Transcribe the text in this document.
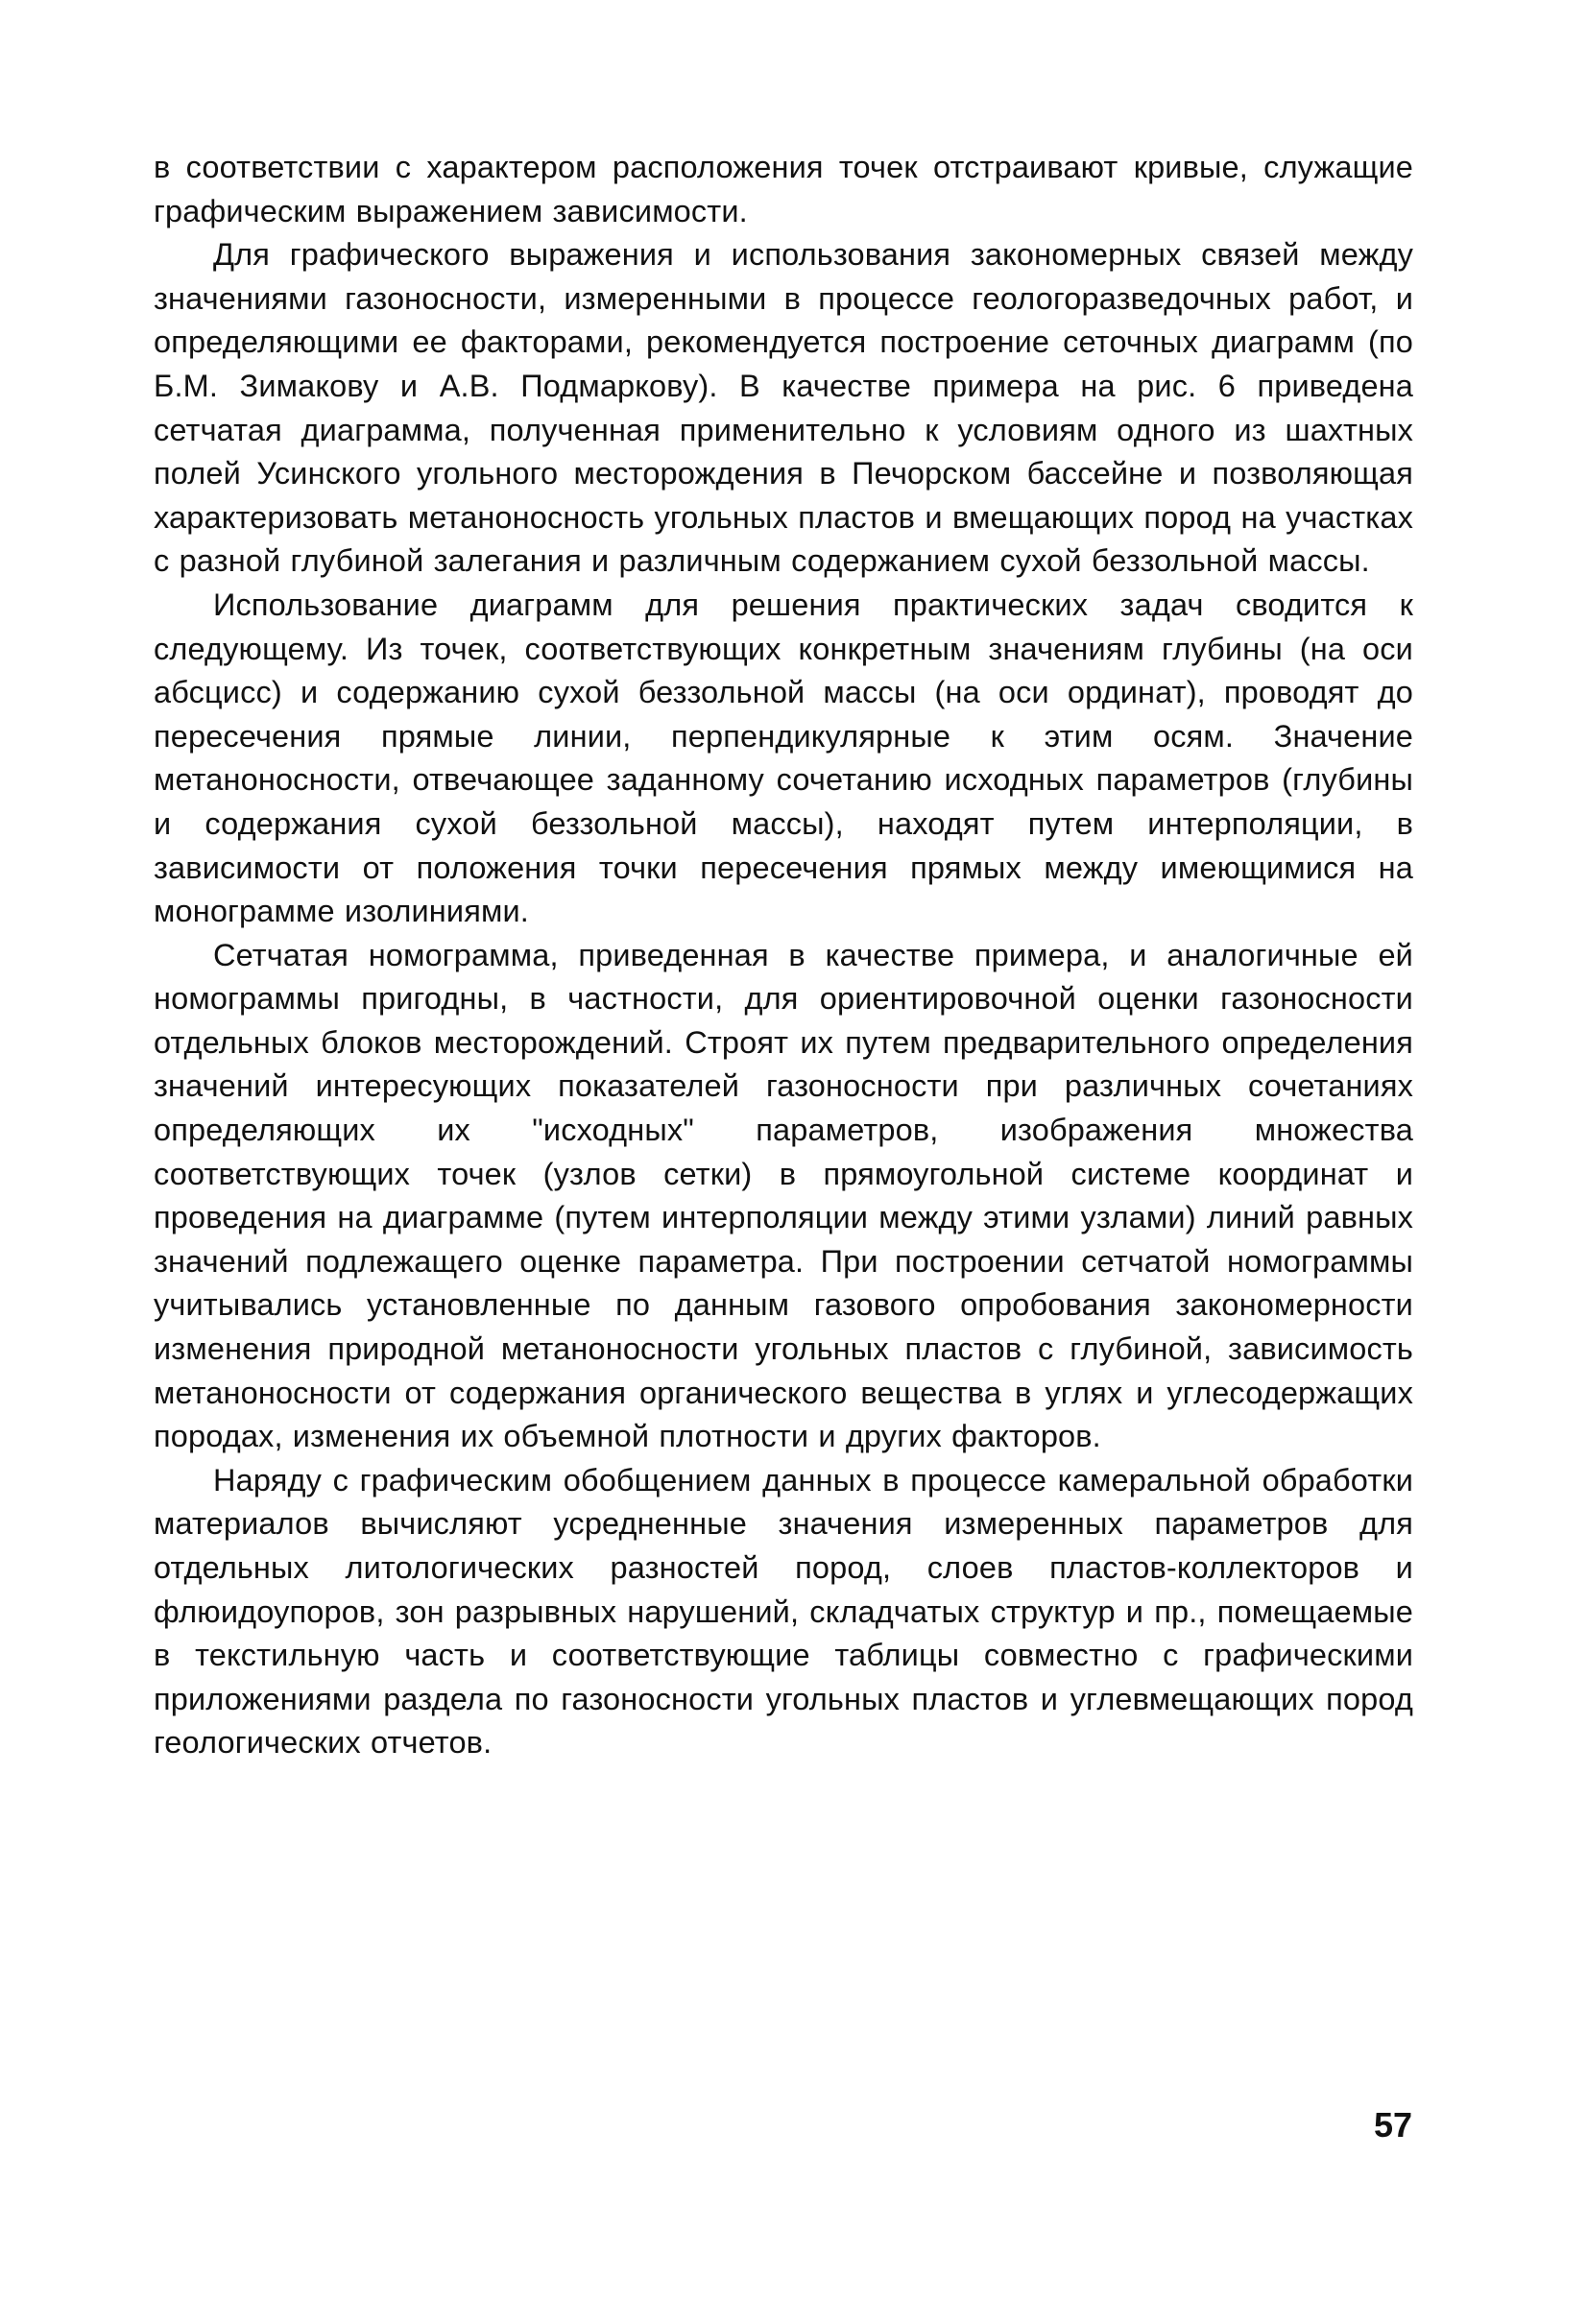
в соответствии с характером расположения точек отстраивают кривые, служащие графическим выражением зависимости.

Для графического выражения и использования закономерных связей между значениями газоносности, измеренными в процессе геологоразведочных работ, и определяющими ее факторами, рекомендуется построение сеточных диаграмм (по Б.М. Зимакову и А.В. Подмаркову). В качестве примера на рис. 6 приведена сетчатая диаграмма, полученная применительно к условиям одного из шахтных полей Усинского угольного месторождения в Печорском бассейне и позволяющая характеризовать метаноносность угольных пластов и вмещающих пород на участках с разной глубиной залегания и различным содержанием сухой беззольной массы.

Использование диаграмм для решения практических задач сводится к следующему. Из точек, соответствующих конкретным значениям глубины (на оси абсцисс) и содержанию сухой беззольной массы (на оси ординат), проводят до пересечения прямые линии, перпендикулярные к этим осям. Значение метаноносности, отвечающее заданному сочетанию исходных параметров (глубины и содержания сухой беззольной массы), находят путем интерполяции, в зависимости от положения точки пересечения прямых между имеющимися на монограмме изолиниями.

Сетчатая номограмма, приведенная в качестве примера, и аналогичные ей номограммы пригодны, в частности, для ориентировочной оценки газоносности отдельных блоков месторождений. Строят их путем предварительного определения значений интересующих показателей газоносности при различных сочетаниях определяющих их "исходных" параметров, изображения множества соответствующих точек (узлов сетки) в прямоугольной системе координат и проведения на диаграмме (путем интерполяции между этими узлами) линий равных значений подлежащего оценке параметра. При построении сетчатой номограммы учитывались установленные по данным газового опробования закономерности изменения природной метаноносности угольных пластов с глубиной, зависимость метаноносности от содержания органического вещества в углях и углесодержащих породах, изменения их объемной плотности и других факторов.

Наряду с графическим обобщением данных в процессе камеральной обработки материалов вычисляют усредненные значения измеренных параметров для отдельных литологических разностей пород, слоев пластов-коллекторов и флюидоупоров, зон разрывных нарушений, складчатых структур и пр., помещаемые в текстильную часть и соответствующие таблицы совместно с графическими приложениями раздела по газоносности угольных пластов и углевмещающих пород геологических отчетов.

57
